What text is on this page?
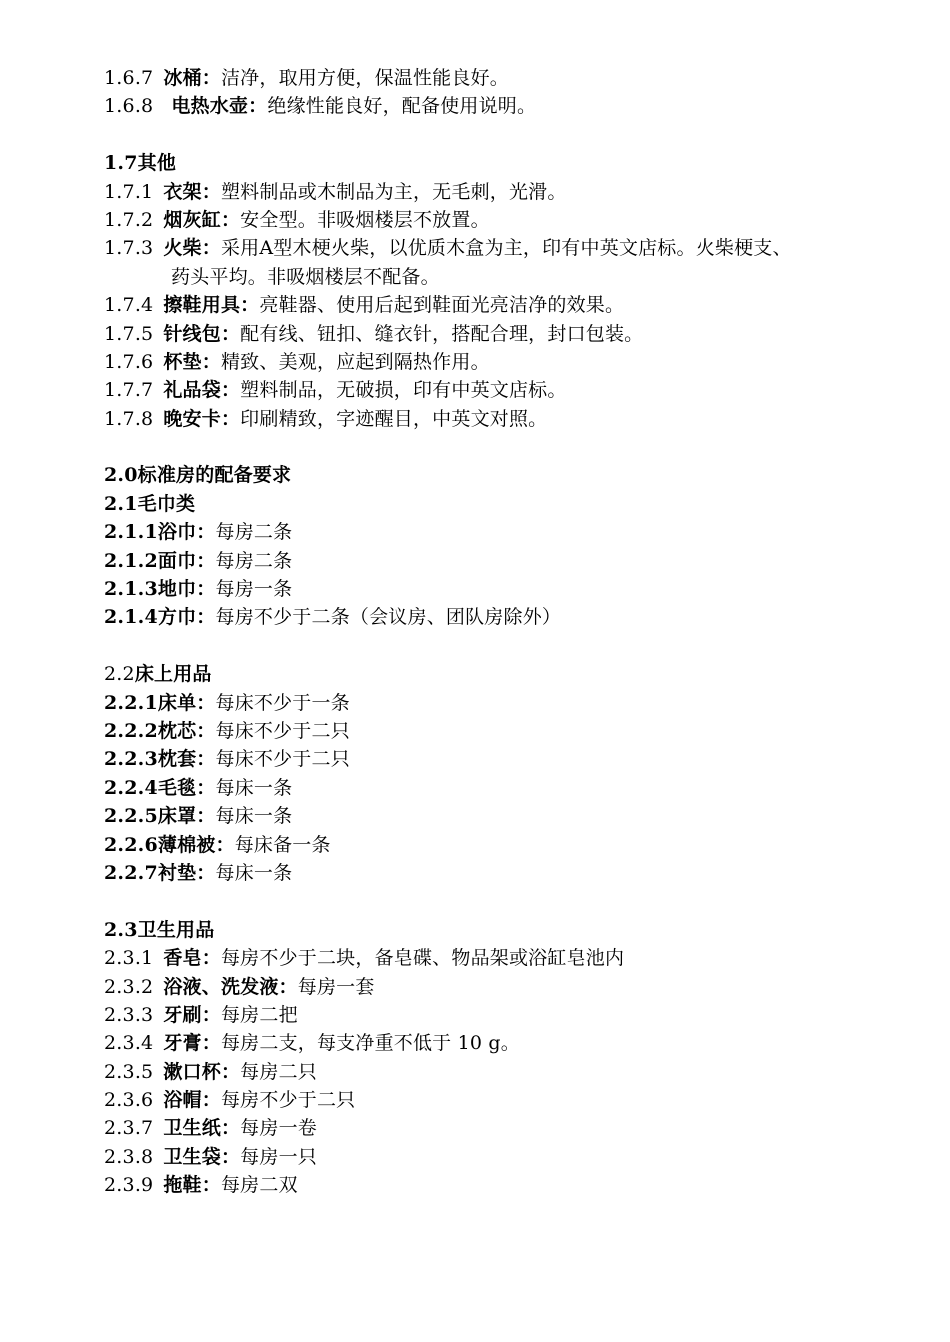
1.6.7 冰桶：洁净，取用方便，保温性能良好。
1.6.8 电热水壶：绝缘性能良好，配备使用说明。
1.7其他
1.7.1 衣架：塑料制品或木制品为主，无毛刺，光滑。
1.7.2 烟灰缸：安全型。非吸烟楼层不放置。
1.7.3 火柴：采用A型木梗火柴，以优质木盒为主，印有中英文店标。火柴梗支、
药头平均。非吸烟楼层不配备。
1.7.4 擦鞋用具：亮鞋器、使用后起到鞋面光亮洁净的效果。
1.7.5 针线包：配有线、钮扣、缝衣针，搭配合理，封口包装。
1.7.6 杯垫：精致、美观，应起到隔热作用。
1.7.7 礼品袋：塑料制品，无破损，印有中英文店标。
1.7.8 晚安卡：印刷精致，字迹醒目，中英文对照。
2.0标准房的配备要求
2.1毛巾类
2.1.1浴巾：每房二条
2.1.2面巾：每房二条
2.1.3地巾：每房一条
2.1.4方巾：每房不少于二条（会议房、团队房除外）
2.2床上用品
2.2.1床单：每床不少于一条
2.2.2枕芯：每床不少于二只
2.2.3枕套：每床不少于二只
2.2.4毛毯：每床一条
2.2.5床罩：每床一条
2.2.6薄棉被：每床备一条
2.2.7衬垫：每床一条
2.3卫生用品
2.3.1 香皂：每房不少于二块，备皂碟、物品架或浴缸皂池内
2.3.2 浴液、洗发液：每房一套
2.3.3 牙刷：每房二把
2.3.4 牙膏：每房二支，每支净重不低于 10 g。
2.3.5 漱口杯：每房二只
2.3.6 浴帽：每房不少于二只
2.3.7 卫生纸：每房一卷
2.3.8 卫生袋：每房一只
2.3.9 拖鞋：每房二双
